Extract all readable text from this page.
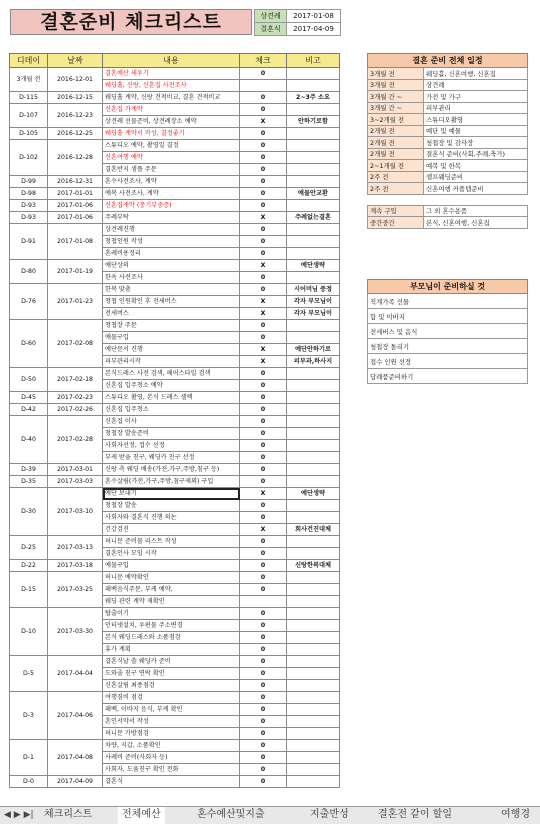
결혼준비 체크리스트	상견례	2017-01-08
결혼식	2017-04-09
디데이	날짜	내용	체크	비고
3개월 전	2016-12-01	결혼예산 세우기	0	
		웨딩홀, 신랑, 신혼집 사전조사		
D-115	2016-12-15	웨딩홀 계약, 신랑 견적비교, 결혼 견적비교	0	2~3주 소요
D-107	2016-12-23	신혼집 가계약	0	
		상견례 선물준비, 상견례장소 예약	X	안하기로함
D-105	2016-12-25	웨딩홀 계약서 작성, 결정좋기	0	
D-102	2016-12-28	스튜디오 예약, 촬영일 결정	0	
		신혼여행 예약	0	
		결혼반지 샘플 주문	0	
D-99	2016-12-31	혼수사전조사, 계약	0	
D-98	2017-01-01	예복 사전조사, 계약	0	예물안교환
D-93	2017-01-06	신혼집계약 (중기부중증)	0	
D-93	2017-01-06	주례부탁	X	주례없는결혼
D-91	2017-01-08	상견례진행	0	
		청첩인원 작성	0	
		혼례비용정리	0	
D-80	2017-01-19	예단상의	X	예단생략
		한옥 사전조사	0	
D-76	2017-01-23	한복 맞춤	0	시어머님 증정
		청첩 인원확인 후 전세버스	X	각자 부모님이
		전세버스	X	각자 부모님이
D-60	2017-02-08	청첩장 주문	0	
		예물구입	0	
		예단문서 진행	X	예단안하기로
		피부관리시작	X	피부과,하사지
D-50	2017-02-18	본식드레스 사전 검색, 헤어스타일 검색	0	
		신혼집 입주청소 예약	0	
D-45	2017-02-23	스튜디오 촬영, 본식 드레스 셀렉	0	
D-42	2017-02-26	신혼집 입주청소	0	
D-40	2017-02-28	신혼집 이사	0	
		청첩장 발송준비	0	
		사회자선정, 접수 선정	0	
		부케 받을 친구, 웨딩카 친구 선정	0	
D-39	2017-03-01	신랑 측 웨딩 배송(가전,가구,주방,침구 등)	0	
D-35	2017-03-03	혼수살림(가전,가구,주방,침구제외) 구입	0	
D-30	2017-03-10	예단 보내기	X	예단생략
		청첩장 발송	0	
		사회자와 결혼식 진행 의논	0	
		건강검진	X	회사건진대체
D-25	2017-03-13	허니문 준비물 리스트 작성	0	
		결혼인사 모임 시작	0	
D-22	2017-03-18	예물구입	0	신랑한복대체
D-15	2017-03-25	허니문 예약확인	0	
		패백음식주문, 부케 예약,	0	
		웨딩 관련 계약 재확인		
D-10	2017-03-30	탑출이기	0	
		인터넷설치, 우편물 주소변경	0	
		본식 웨딩드레스와 소품점검	0	
		휴가 계획	0	
D-5	2017-04-04	결혼식날 쓸 웨딩카 준비	0	
		도와줄 친구 연락 확인	0	
		신혼살림 최종점검	0	
D-3	2017-04-06	여행짐비 점검	0	
		패백, 이바지 음식, 부케 확인	0	
		혼인서약서 작성	0	
		허니문 가방점검	0	
D-1	2017-04-08	차량, 지갑, 소품확인	0	
		사례비 준비(사회자 등)	0	
		사회자, 도움친구 확인 전화	0	
D-0	2017-04-09	결혼식	0	
결혼 준비 전체 일정	
3개월 전	웨딩홀, 신혼여행, 신혼집
3개월 전	상견례
3개월 간 ~	가전 및 가구
3개월 간 ~	피부관리
3~2개월 전	스튜디오촬영
2개월 전	예단 및 예물
2개월 전	청첩장 및 감사장
2개월 전	결혼식 준비(사회,주례,축가)
2~1개월 전	예복 및 한복
2주 전	셀프웨딩준비
2주 전	신혼여행 커플템준비

계속 구입	그 외 혼수용품
중간중간	본식, 신혼여행, 신혼집
부모님이 준비하실 것
직계가족 선물
함 및 이바지
전세버스 및 음식
청첩장 돌리기
접수 인원 선정
답례품준비하기
◀ ▶ ▶|	체크리스트	전체예산	혼수예산및지출	지출반성	결혼전 같이 할일	여행경
